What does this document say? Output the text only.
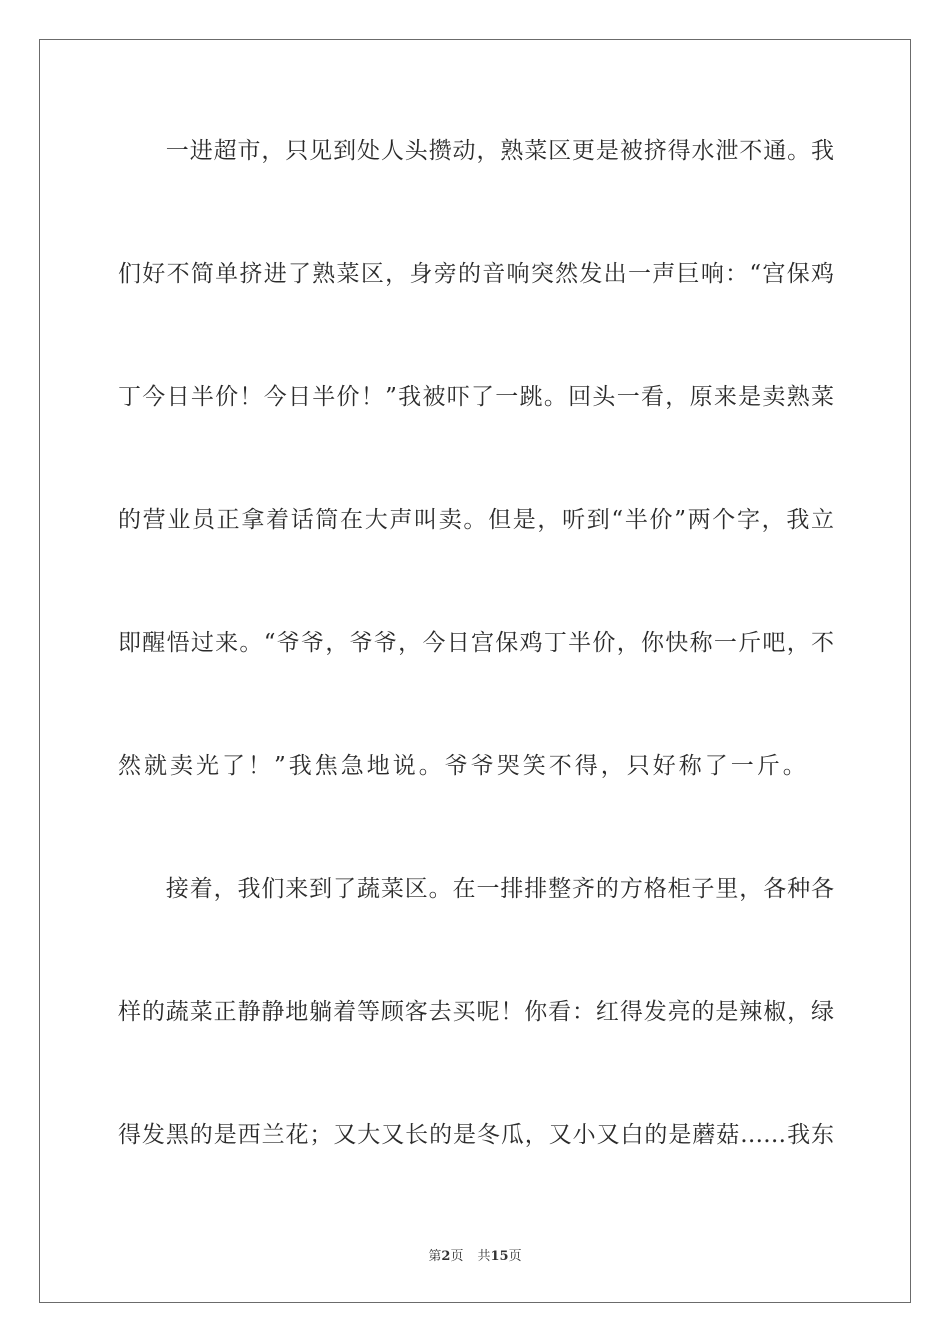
　　一进超市，只见到处人头攒动，熟菜区更是被挤得水泄不通。我
们好不简单挤进了熟菜区，身旁的音响突然发出一声巨响：“宫保鸡
丁今日半价！今日半价！”我被吓了一跳。回头一看，原来是卖熟菜
的营业员正拿着话筒在大声叫卖。但是，听到“半价”两个字，我立
即醒悟过来。“爷爷，爷爷，今日宫保鸡丁半价，你快称一斤吧，不
然就卖光了！”我焦急地说。爷爷哭笑不得，只好称了一斤。
　　接着，我们来到了蔬菜区。在一排排整齐的方格柜子里，各种各
样的蔬菜正静静地躺着等顾客去买呢！你看：红得发亮的是辣椒，绿
得发黑的是西兰花；又大又长的是冬瓜，又小又白的是蘑菇……我东
第2页 共15页
